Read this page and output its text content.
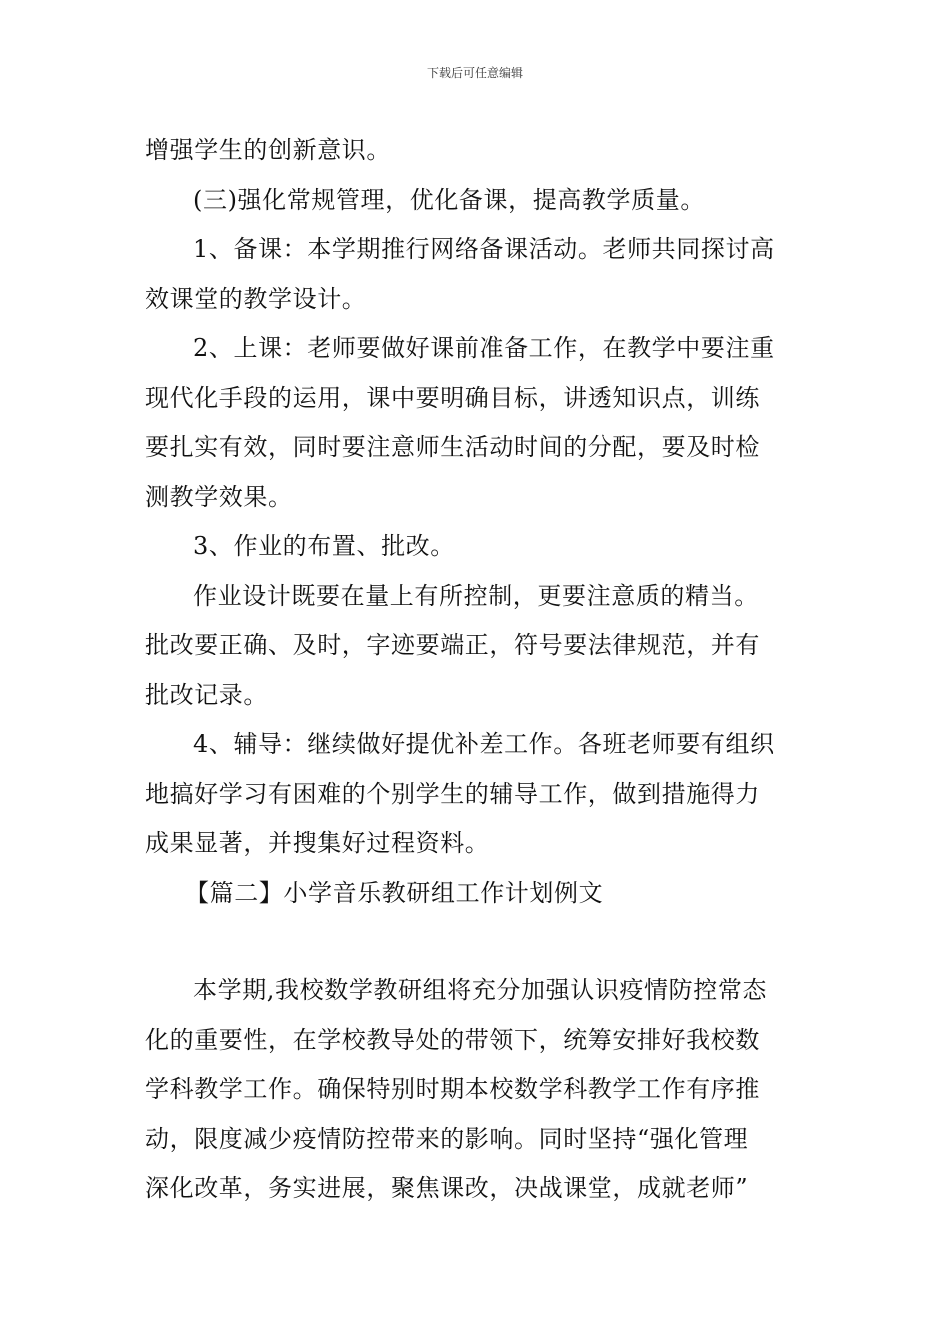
下载后可任意编辑
增强学生的创新意识。
(三)强化常规管理，优化备课，提高教学质量。
1、备课：本学期推行网络备课活动。老师共同探讨高
效课堂的教学设计。
2、上课：老师要做好课前准备工作，在教学中要注重
现代化手段的运用，课中要明确目标，讲透知识点，训练
要扎实有效，同时要注意师生活动时间的分配，要及时检
测教学效果。
3、作业的布置、批改。
作业设计既要在量上有所控制，更要注意质的精当。
批改要正确、及时，字迹要端正，符号要法律规范，并有
批改记录。
4、辅导：继续做好提优补差工作。各班老师要有组织
地搞好学习有困难的个别学生的辅导工作，做到措施得力
成果显著，并搜集好过程资料。
【篇二】小学音乐教研组工作计划例文
本学期,我校数学教研组将充分加强认识疫情防控常态
化的重要性，在学校教导处的带领下，统筹安排好我校数
学科教学工作。确保特别时期本校数学科教学工作有序推
动，限度减少疫情防控带来的影响。同时坚持“强化管理
深化改革，务实进展，聚焦课改，决战课堂，成就老师”
